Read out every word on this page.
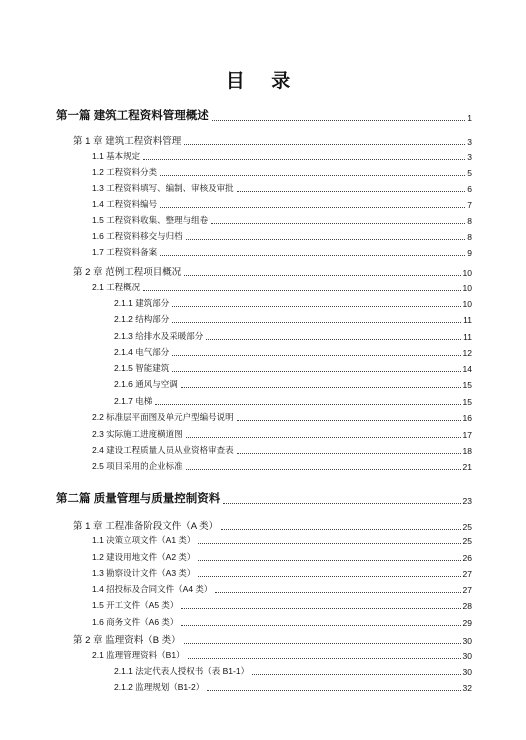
目 录
第一篇 建筑工程资料管理概述	1
第 1 章 建筑工程资料管理	3
1.1 基本规定	3
1.2 工程资料分类	5
1.3 工程资料填写、编制、审核及审批	6
1.4 工程资料编号	7
1.5 工程资料收集、整理与组卷	8
1.6 工程资料移交与归档	8
1.7 工程资料备案	9
第 2 章 范例工程项目概况	10
2.1 工程概况	10
2.1.1 建筑部分	10
2.1.2 结构部分	11
2.1.3 给排水及采暖部分	11
2.1.4 电气部分	12
2.1.5 智能建筑	14
2.1.6 通风与空调	15
2.1.7 电梯	15
2.2 标准层平面图及单元户型编号说明	16
2.3 实际施工进度横道图	17
2.4 建设工程质量人员从业资格审查表	18
2.5 项目采用的企业标准	21
第二篇 质量管理与质量控制资料	23
第 1 章 工程准备阶段文件（A 类）	25
1.1 决策立项文件（A1 类）	25
1.2 建设用地文件（A2 类）	26
1.3 勘察设计文件（A3 类）	27
1.4 招投标及合同文件（A4 类）	27
1.5 开工文件（A5 类）	28
1.6 商务文件（A6 类）	29
第 2 章 监理资料（B 类）	30
2.1 监理管理资料（B1）	30
2.1.1 法定代表人授权书（表 B1-1）	30
2.1.2 监理规划（B1-2）	32
